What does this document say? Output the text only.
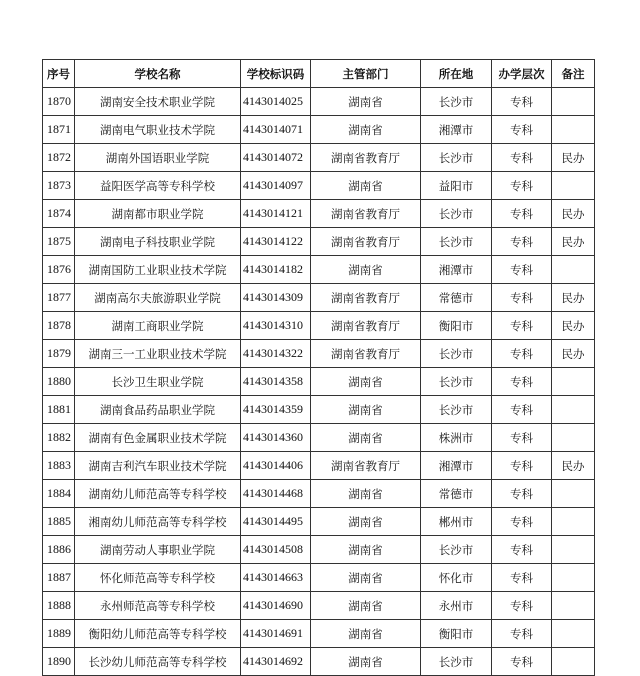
序号	学校名称	学校标识码	主管部门	所在地	办学层次	备注
1870	湖南安全技术职业学院	4143014025	湖南省	长沙市	专科	
1871	湖南电气职业技术学院	4143014071	湖南省	湘潭市	专科	
1872	湖南外国语职业学院	4143014072	湖南省教育厅	长沙市	专科	民办
1873	益阳医学高等专科学校	4143014097	湖南省	益阳市	专科	
1874	湖南都市职业学院	4143014121	湖南省教育厅	长沙市	专科	民办
1875	湖南电子科技职业学院	4143014122	湖南省教育厅	长沙市	专科	民办
1876	湖南国防工业职业技术学院	4143014182	湖南省	湘潭市	专科	
1877	湖南高尔夫旅游职业学院	4143014309	湖南省教育厅	常德市	专科	民办
1878	湖南工商职业学院	4143014310	湖南省教育厅	衡阳市	专科	民办
1879	湖南三一工业职业技术学院	4143014322	湖南省教育厅	长沙市	专科	民办
1880	长沙卫生职业学院	4143014358	湖南省	长沙市	专科	
1881	湖南食品药品职业学院	4143014359	湖南省	长沙市	专科	
1882	湖南有色金属职业技术学院	4143014360	湖南省	株洲市	专科	
1883	湖南吉利汽车职业技术学院	4143014406	湖南省教育厅	湘潭市	专科	民办
1884	湖南幼儿师范高等专科学校	4143014468	湖南省	常德市	专科	
1885	湘南幼儿师范高等专科学校	4143014495	湖南省	郴州市	专科	
1886	湖南劳动人事职业学院	4143014508	湖南省	长沙市	专科	
1887	怀化师范高等专科学校	4143014663	湖南省	怀化市	专科	
1888	永州师范高等专科学校	4143014690	湖南省	永州市	专科	
1889	衡阳幼儿师范高等专科学校	4143014691	湖南省	衡阳市	专科	
1890	长沙幼儿师范高等专科学校	4143014692	湖南省	长沙市	专科	
